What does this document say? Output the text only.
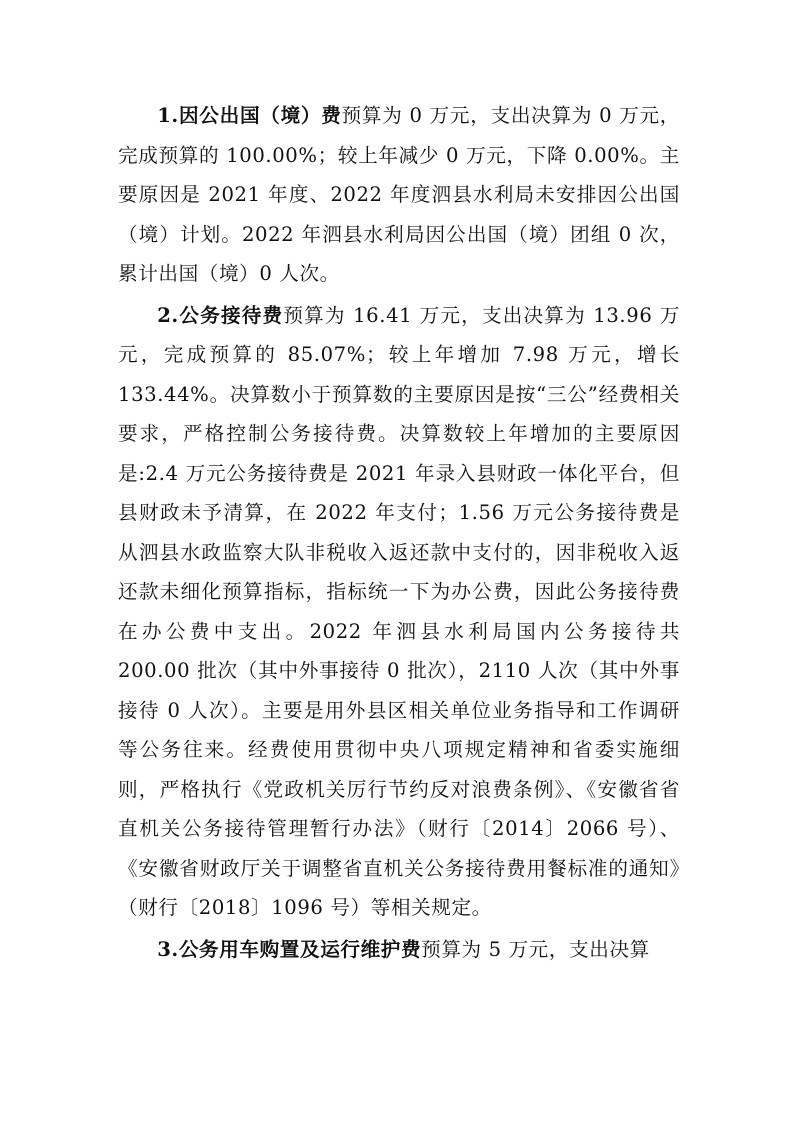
1.因公出国（境）费预算为 0 万元，支出决算为 0 万元，完成预算的 100.00%；较上年减少 0 万元，下降 0.00%。主要原因是 2021 年度、2022 年度泗县水利局未安排因公出国（境）计划。2022 年泗县水利局因公出国（境）团组 0 次，累计出国（境）0 人次。

2.公务接待费预算为 16.41 万元，支出决算为 13.96 万元，完成预算的 85.07%；较上年增加 7.98 万元，增长 133.44%。决算数小于预算数的主要原因是按“三公”经费相关要求，严格控制公务接待费。决算数较上年增加的主要原因是:2.4 万元公务接待费是 2021 年录入县财政一体化平台，但县财政未予清算，在 2022 年支付；1.56 万元公务接待费是从泗县水政监察大队非税收入返还款中支付的，因非税收入返还款未细化预算指标，指标统一下为办公费，因此公务接待费在办公费中支出。2022 年泗县水利局国内公务接待共 200.00 批次（其中外事接待 0 批次），2110 人次（其中外事接待 0 人次）。主要是用外县区相关单位业务指导和工作调研等公务往来。经费使用贯彻中央八项规定精神和省委实施细则，严格执行《党政机关厉行节约反对浪费条例》、《安徽省省直机关公务接待管理暂行办法》（财行〔2014〕2066 号）、《安徽省财政厅关于调整省直机关公务接待费用餐标准的通知》（财行〔2018〕1096 号）等相关规定。

3.公务用车购置及运行维护费预算为 5 万元，支出决算
